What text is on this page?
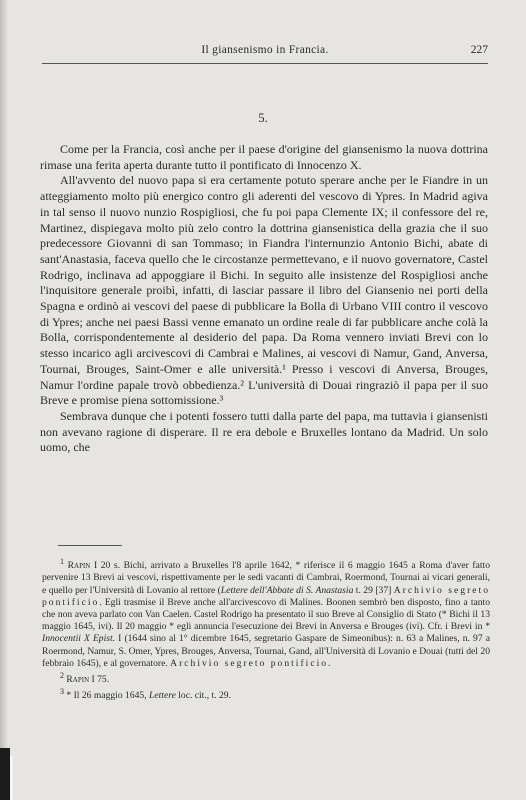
Il giansenismo in Francia.	227
5.

Come per la Francia, così anche per il paese d'origine del giansenismo la nuova dottrina rimase una ferita aperta durante tutto il pontificato di Innocenzo X.

All'avvento del nuovo papa si era certamente potuto sperare anche per le Fiandre in un atteggiamento molto più energico contro gli aderenti del vescovo di Ypres. In Madrid agiva in tal senso il nuovo nunzio Rospigliosi, che fu poi papa Clemente IX; il confessore del re, Martinez, dispiegava molto più zelo contro la dottrina giansenistica della grazia che il suo predecessore Giovanni di san Tommaso; in Fiandra l'internunzio Antonio Bichi, abate di sant'Anastasia, faceva quello che le circostanze permettevano, e il nuovo governatore, Castel Rodrigo, inclinava ad appoggiare il Bichi. In seguito alle insistenze del Rospigliosi anche l'inquisitore generale proibì, infatti, di lasciar passare il libro del Giansenio nei porti della Spagna e ordinò ai vescovi del paese di pubblicare la Bolla di Urbano VIII contro il vescovo di Ypres; anche nei paesi Bassi venne emanato un ordine reale di far pubblicare anche colà la Bolla, corrispondentemente al desiderio del papa. Da Roma vennero inviati Brevi con lo stesso incarico agli arcivescovi di Cambrai e Malines, ai vescovi di Namur, Gand, Anversa, Tournai, Brouges, Saint-Omer e alle università.¹ Presso i vescovi di Anversa, Brouges, Namur l'ordine papale trovò obbedienza.² L'università di Douai ringraziò il papa per il suo Breve e promise piena sottomissione.³

Sembrava dunque che i potenti fossero tutti dalla parte del papa, ma tuttavia i giansenisti non avevano ragione di disperare. Il re era debole e Bruxelles lontano da Madrid. Un solo uomo, che

$^1$ Rapin I 20 s. Bichi, arrivato a Bruxelles l'8 aprile 1642, * riferisce il 6 maggio 1645 a Roma d'aver fatto pervenire 13 Brevi ai vescovi, rispettivamente per le sedi vacanti di Cambrai, Roermond, Tournai ai vicari generali, e quello per l'Università di Lovanio al rettore (Lettere dell'Abbate di S. Anastasia t. 29 [37] Archivio segreto pontificio. Egli trasmise il Breve anche all'arcivescovo di Malines. Boonen sembrò ben disposto, fino a tanto che non aveva parlato con Van Caelen. Castel Rodrigo ha presentato il suo Breve al Consiglio di Stato (* Bichi il 13 maggio 1645, ivi). Il 20 maggio * egli annuncia l'esecuzione dei Brevi in Anversa e Brouges (ivi). Cfr. i Brevi in * Innocentii X Epist. I (1644 sino al 1° dicembre 1645, segretario Gaspare de Simeonibus): n. 63 a Malines, n. 97 a Roermond, Namur, S. Omer, Ypres, Brouges, Anversa, Tournai, Gand, all'Università di Lovanio e Douai (tutti del 20 febbraio 1645), e al governatore. Archivio segreto pontificio.

$^2$ Rapin I 75.

$^3$ * Il 26 maggio 1645, Lettere loc. cit., t. 29.
